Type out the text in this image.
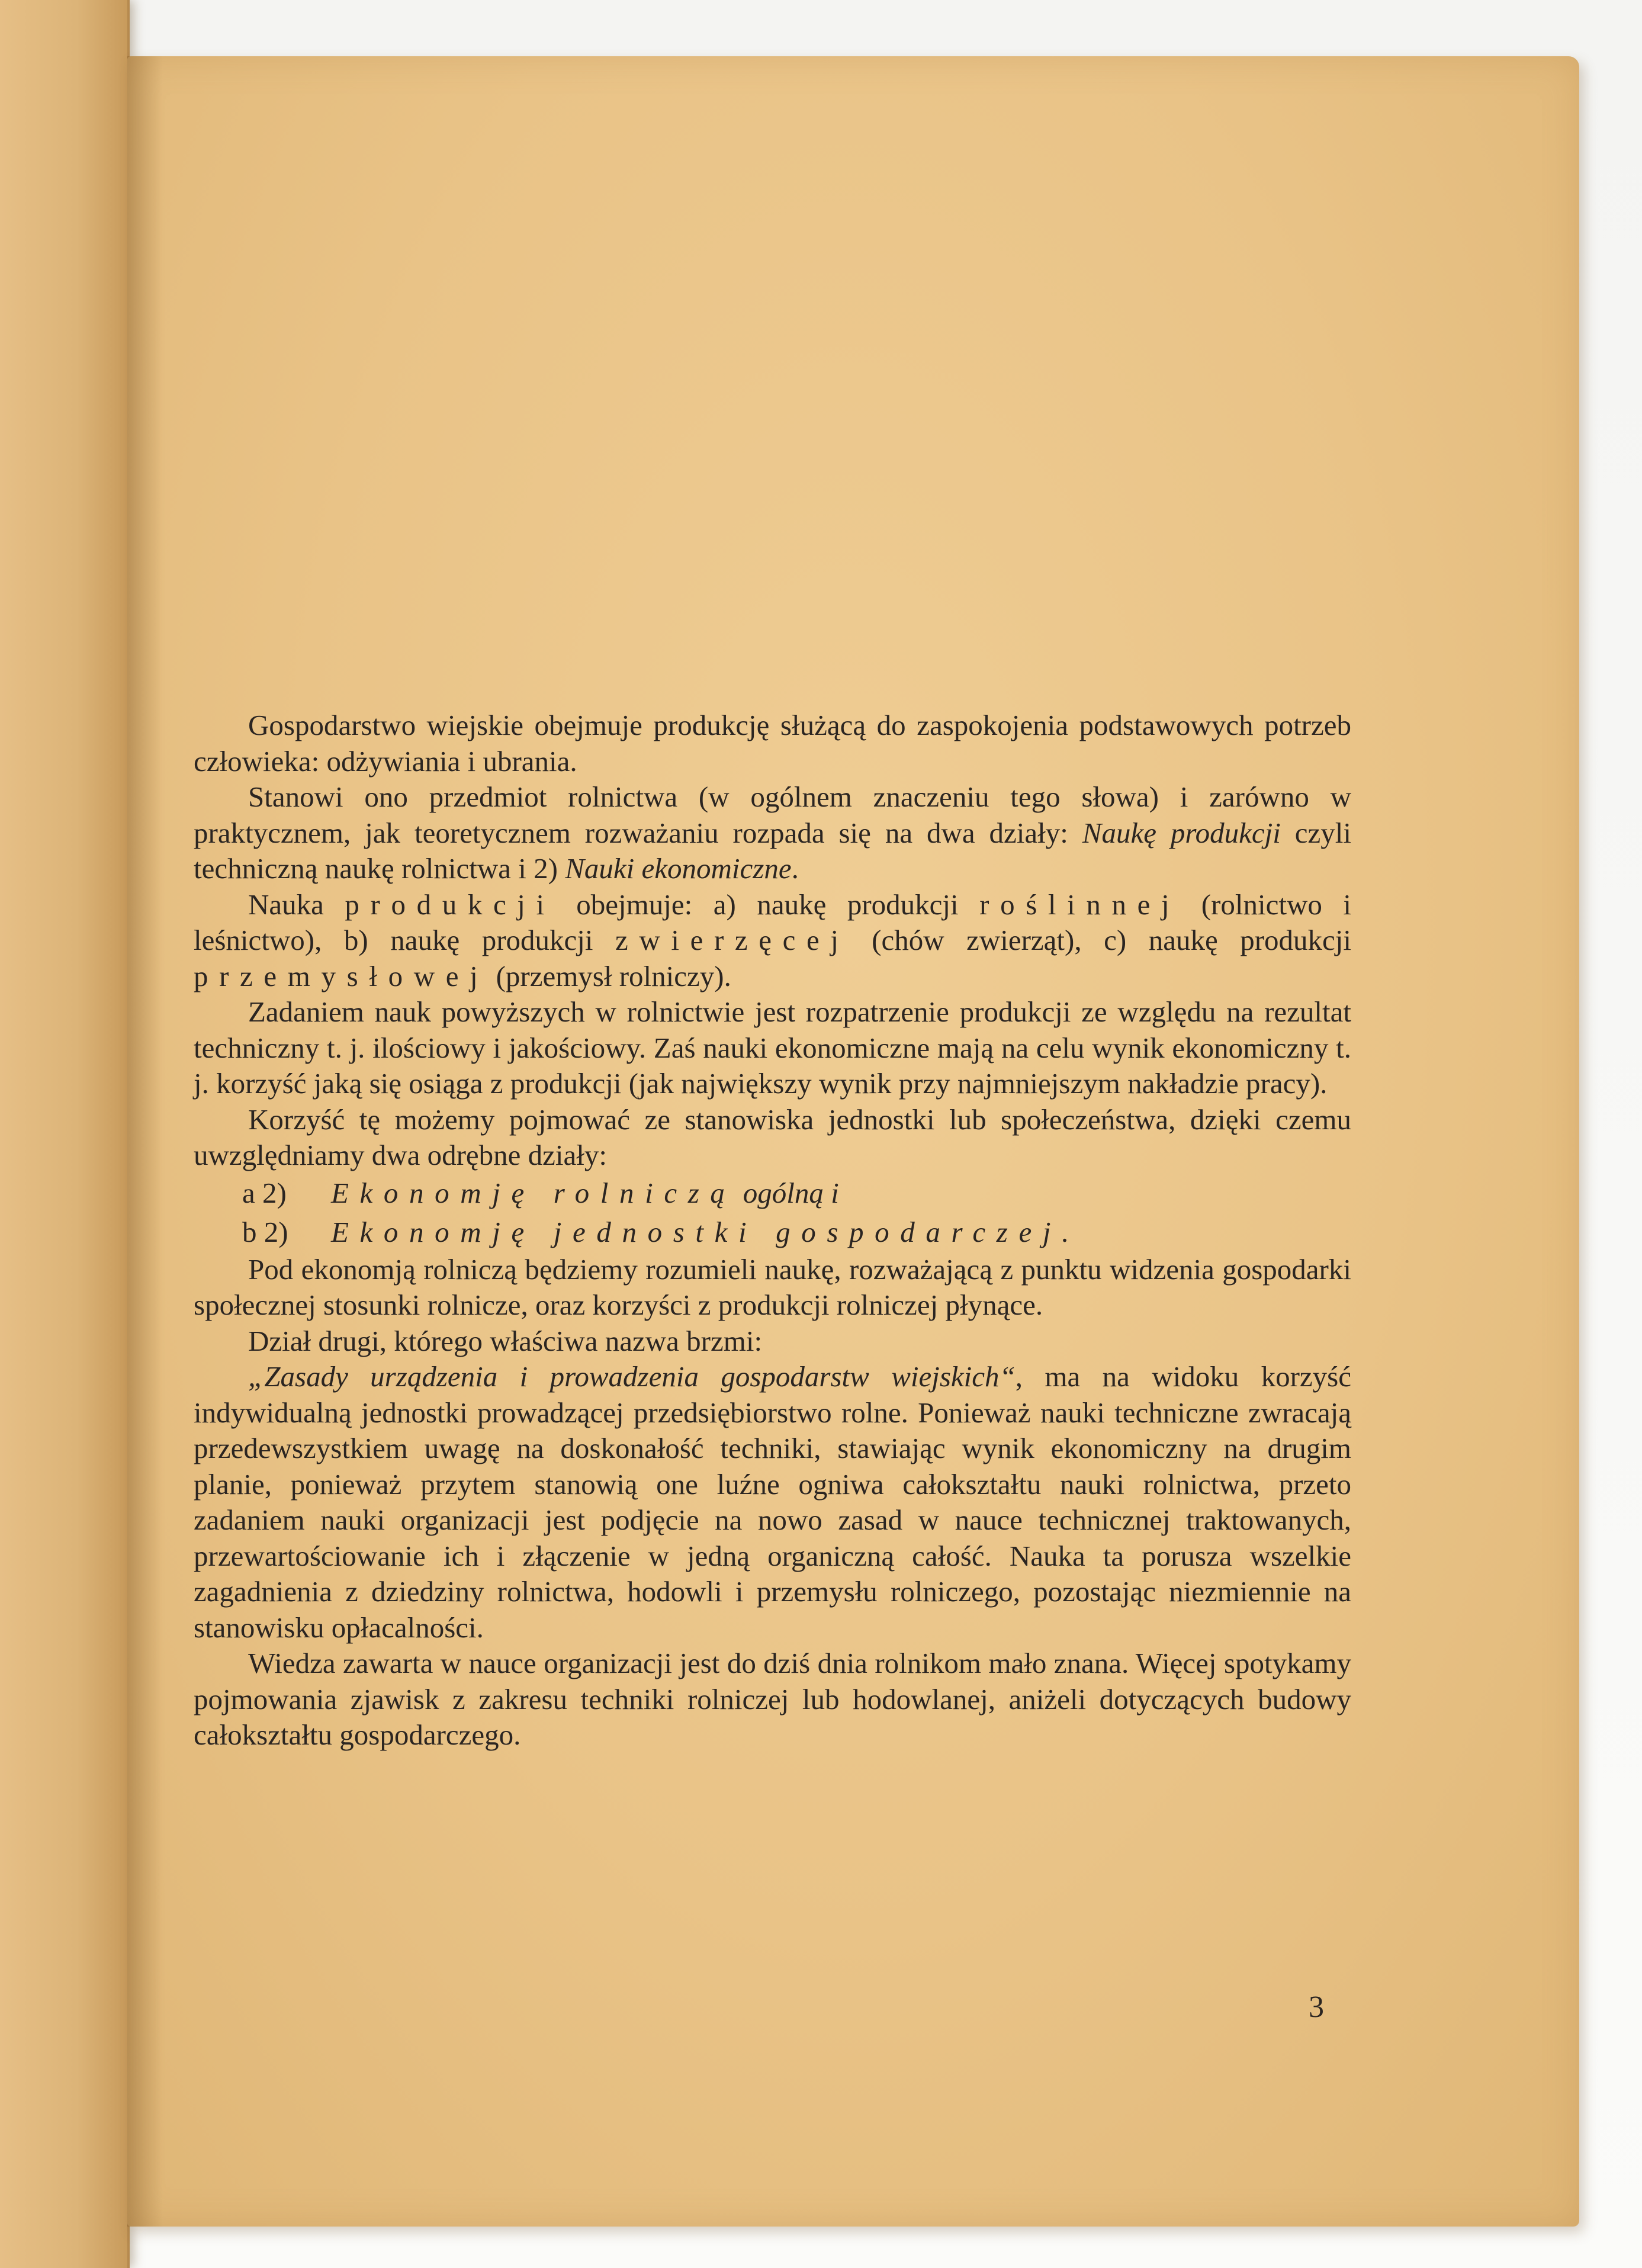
Gospodarstwo wiejskie obejmuje produkcję służącą do zaspokojenia podstawowych potrzeb człowieka: odżywiania i ubrania.

Stanowi ono przedmiot rolnictwa (w ogólnem znaczeniu tego słowa) i zarówno w praktycznem, jak teoretycznem rozważaniu rozpada się na dwa działy: Naukę produkcji czyli techniczną naukę rolnictwa i 2) Nauki ekonomiczne.

Nauka produkcji obejmuje: a) naukę produkcji roślinnej (rolnictwo i leśnictwo), b) naukę produkcji zwierzęcej (chów zwierząt), c) naukę produkcji przemysłowej (przemysł rolniczy).

Zadaniem nauk powyższych w rolnictwie jest rozpatrzenie produkcji ze względu na rezultat techniczny t. j. ilościowy i jakościowy. Zaś nauki ekonomiczne mają na celu wynik ekonomiczny t. j. korzyść jaką się osiąga z produkcji (jak największy wynik przy najmniejszym nakładzie pracy).

Korzyść tę możemy pojmować ze stanowiska jednostki lub społeczeństwa, dzięki czemu uwzględniamy dwa odrębne działy:

a 2) Ekonomję rolniczą ogólną i

b 2) Ekonomję jednostki gospodarczej.

Pod ekonomją rolniczą będziemy rozumieli naukę, rozważającą z punktu widzenia gospodarki społecznej stosunki rolnicze, oraz korzyści z produkcji rolniczej płynące.

Dział drugi, którego właściwa nazwa brzmi:

„Zasady urządzenia i prowadzenia gospodarstw wiejskich“, ma na widoku korzyść indywidualną jednostki prowadzącej przedsiębiorstwo rolne. Ponieważ nauki techniczne zwracają przedewszystkiem uwagę na doskonałość techniki, stawiając wynik ekonomiczny na drugim planie, ponieważ przytem stanowią one luźne ogniwa całokształtu nauki rolnictwa, przeto zadaniem nauki organizacji jest podjęcie na nowo zasad w nauce technicznej traktowanych, przewartościowanie ich i złączenie w jedną organiczną całość. Nauka ta porusza wszelkie zagadnienia z dziedziny rolnictwa, hodowli i przemysłu rolniczego, pozostając niezmiennie na stanowisku opłacalności.

Wiedza zawarta w nauce organizacji jest do dziś dnia rolnikom mało znana. Więcej spotykamy pojmowania zjawisk z zakresu techniki rolniczej lub hodowlanej, aniżeli dotyczących budowy całokształtu gospodarczego.

3
